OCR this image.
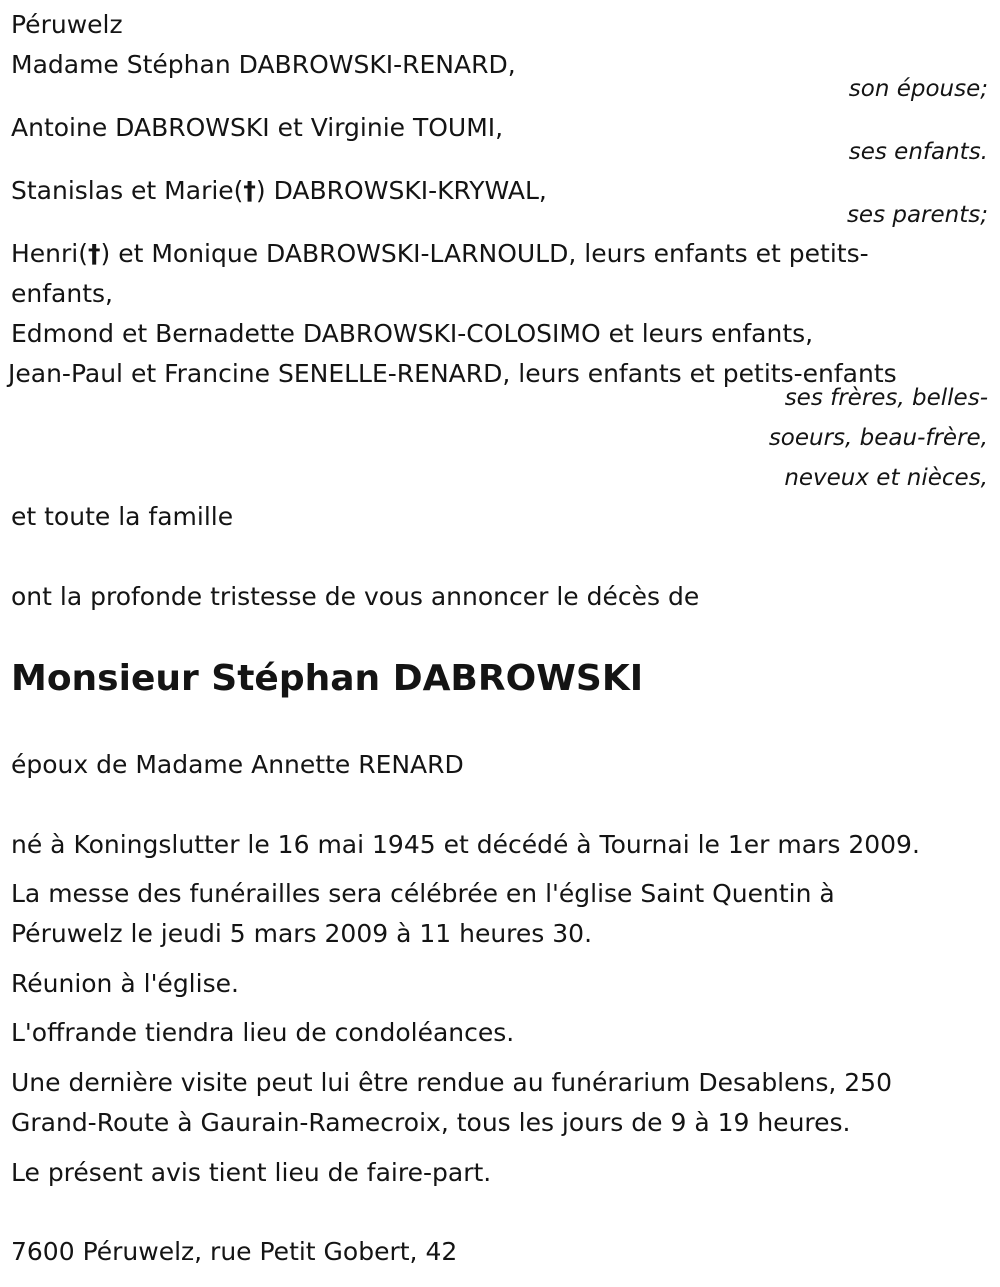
Péruwelz

Madame Stéphan DABROWSKI-RENARD,

son épouse;

Antoine DABROWSKI et Virginie TOUMI,

ses enfants.

Stanislas et Marie(†) DABROWSKI-KRYWAL,

ses parents;

Henri(†) et Monique DABROWSKI-LARNOULD, leurs enfants et petits-

enfants,

Edmond et Bernadette DABROWSKI-COLOSIMO et leurs enfants,

Jean-Paul et Francine SENELLE-RENARD, leurs enfants et petits-enfants

ses frères, belles-

soeurs, beau-frère,

neveux et nièces,

et toute la famille

ont la profonde tristesse de vous annoncer le décès de

Monsieur Stéphan DABROWSKI

époux de Madame Annette RENARD

né à Koningslutter le 16 mai 1945 et décédé à Tournai le 1er mars 2009.

La messe des funérailles sera célébrée en l'église Saint Quentin à

Péruwelz le jeudi 5 mars 2009 à 11 heures 30.

Réunion à l'église.

L'offrande tiendra lieu de condoléances.

Une dernière visite peut lui être rendue au funérarium Desablens, 250

Grand-Route à Gaurain-Ramecroix, tous les jours de 9 à 19 heures.

Le présent avis tient lieu de faire-part.

7600 Péruwelz, rue Petit Gobert, 42
